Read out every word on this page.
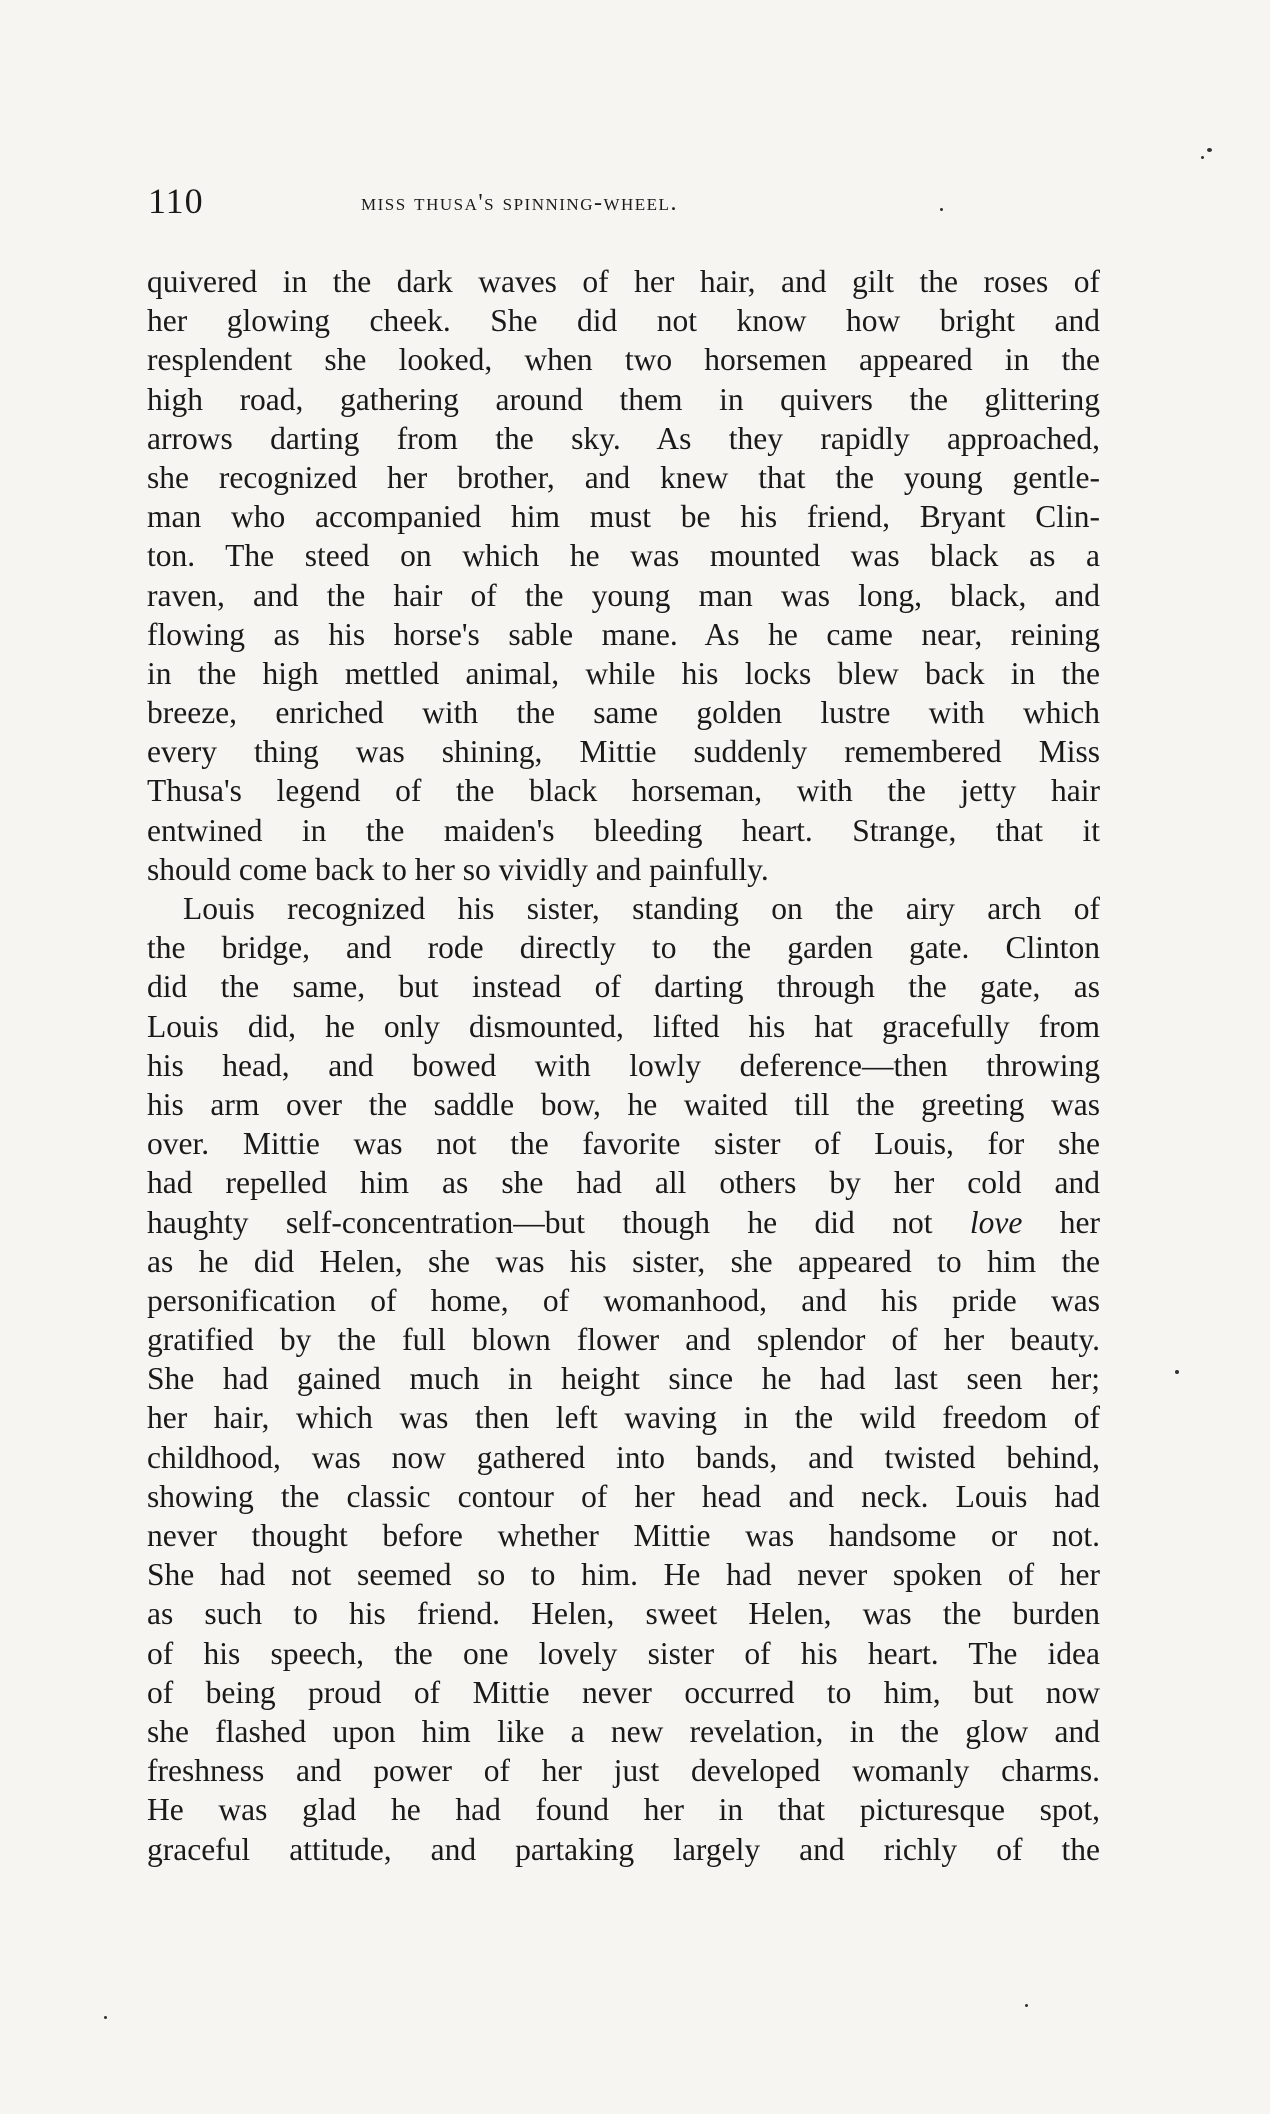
110	miss thusa's spinning-wheel.
quivered in the dark waves of her hair, and gilt the roses of
her glowing cheek. She did not know how bright and
resplendent she looked, when two horsemen appeared in the
high road, gathering around them in quivers the glittering
arrows darting from the sky. As they rapidly approached,
she recognized her brother, and knew that the young gentle-
man who accompanied him must be his friend, Bryant Clin-
ton. The steed on which he was mounted was black as a
raven, and the hair of the young man was long, black, and
flowing as his horse's sable mane. As he came near, reining
in the high mettled animal, while his locks blew back in the
breeze, enriched with the same golden lustre with which
every thing was shining, Mittie suddenly remembered Miss
Thusa's legend of the black horseman, with the jetty hair
entwined in the maiden's bleeding heart. Strange, that it
should come back to her so vividly and painfully.
Louis recognized his sister, standing on the airy arch of
the bridge, and rode directly to the garden gate. Clinton
did the same, but instead of darting through the gate, as
Louis did, he only dismounted, lifted his hat gracefully from
his head, and bowed with lowly deference—then throwing
his arm over the saddle bow, he waited till the greeting was
over. Mittie was not the favorite sister of Louis, for she
had repelled him as she had all others by her cold and
haughty self-concentration—but though he did not love her
as he did Helen, she was his sister, she appeared to him the
personification of home, of womanhood, and his pride was
gratified by the full blown flower and splendor of her beauty.
She had gained much in height since he had last seen her;
her hair, which was then left waving in the wild freedom of
childhood, was now gathered into bands, and twisted behind,
showing the classic contour of her head and neck. Louis had
never thought before whether Mittie was handsome or not.
She had not seemed so to him. He had never spoken of her
as such to his friend. Helen, sweet Helen, was the burden
of his speech, the one lovely sister of his heart. The idea
of being proud of Mittie never occurred to him, but now
she flashed upon him like a new revelation, in the glow and
freshness and power of her just developed womanly charms.
He was glad he had found her in that picturesque spot,
graceful attitude, and partaking largely and richly of the
